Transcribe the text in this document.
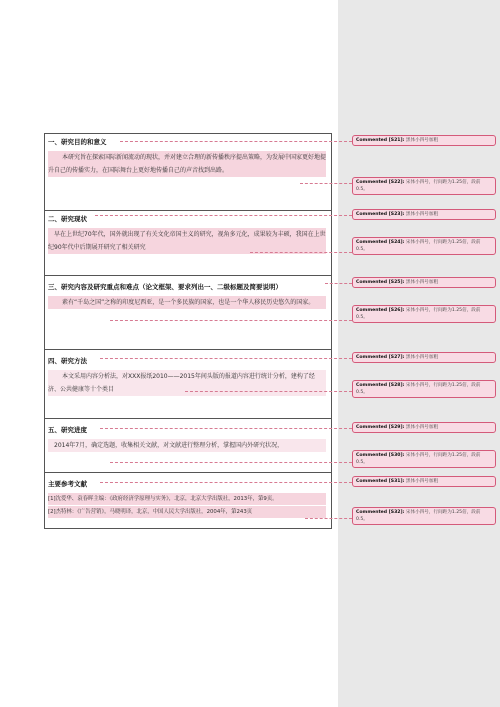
一、研究目的和意义
本研究旨在探索国际新闻流动的现状，并对建立合理的新传播秩序提出策略，为发展中国家更好地提升自己的传播实力，在国际舞台上更好地传播自己的声音找到出路。
二、研究现状
早在上世纪70年代，国外就出现了有关文化帝国主义的研究，视角多元化，成果较为丰硕，我国在上世纪90年代中后期展开研究了相关研究
三、研究内容及研究重点和难点（论文框架、要求列出一、二级标题及简要说明）
素有“千岛之国”之称的印度尼西亚，是一个多民族的国家，也是一个华人移民历史悠久的国家。
四、研究方法
本文采用内容分析法，对XXX报纸2010——2015年间头版的报道内容进行统计分析，建构了经济、公共健康等十个类目
五、研究进度
2014年7月，确定选题，收集相关文献，对文献进行整理分析，掌握国内外研究状况，
主要参考文献
[1]沈爱华、袁春晖主编：《政府经济学原理与实务》，北京，北京大学出版社，2013年，第9页。
[2]杰特林：《广告营销》，马晓明译，北京，中国人民大学出版社，2004年，第243页
Commented [S21]: 黑体小四号加粗
Commented [S22]: 宋体小四号，行间距为1.25倍，段前0.5。
Commented [S23]: 黑体小四号加粗
Commented [S24]: 宋体小四号，行间距为1.25倍，段前0.5。
Commented [S25]: 黑体小四号加粗
Commented [S26]: 宋体小四号，行间距为1.25倍，段前0.5。
Commented [S27]: 黑体小四号加粗
Commented [S28]: 宋体小四号，行间距为1.25倍，段前0.5。
Commented [S29]: 黑体小四号加粗
Commented [S30]: 宋体小四号，行间距为1.25倍，段前0.5。
Commented [S31]: 黑体小四号加粗
Commented [S32]: 宋体小四号，行间距为1.25倍，段前0.5。
